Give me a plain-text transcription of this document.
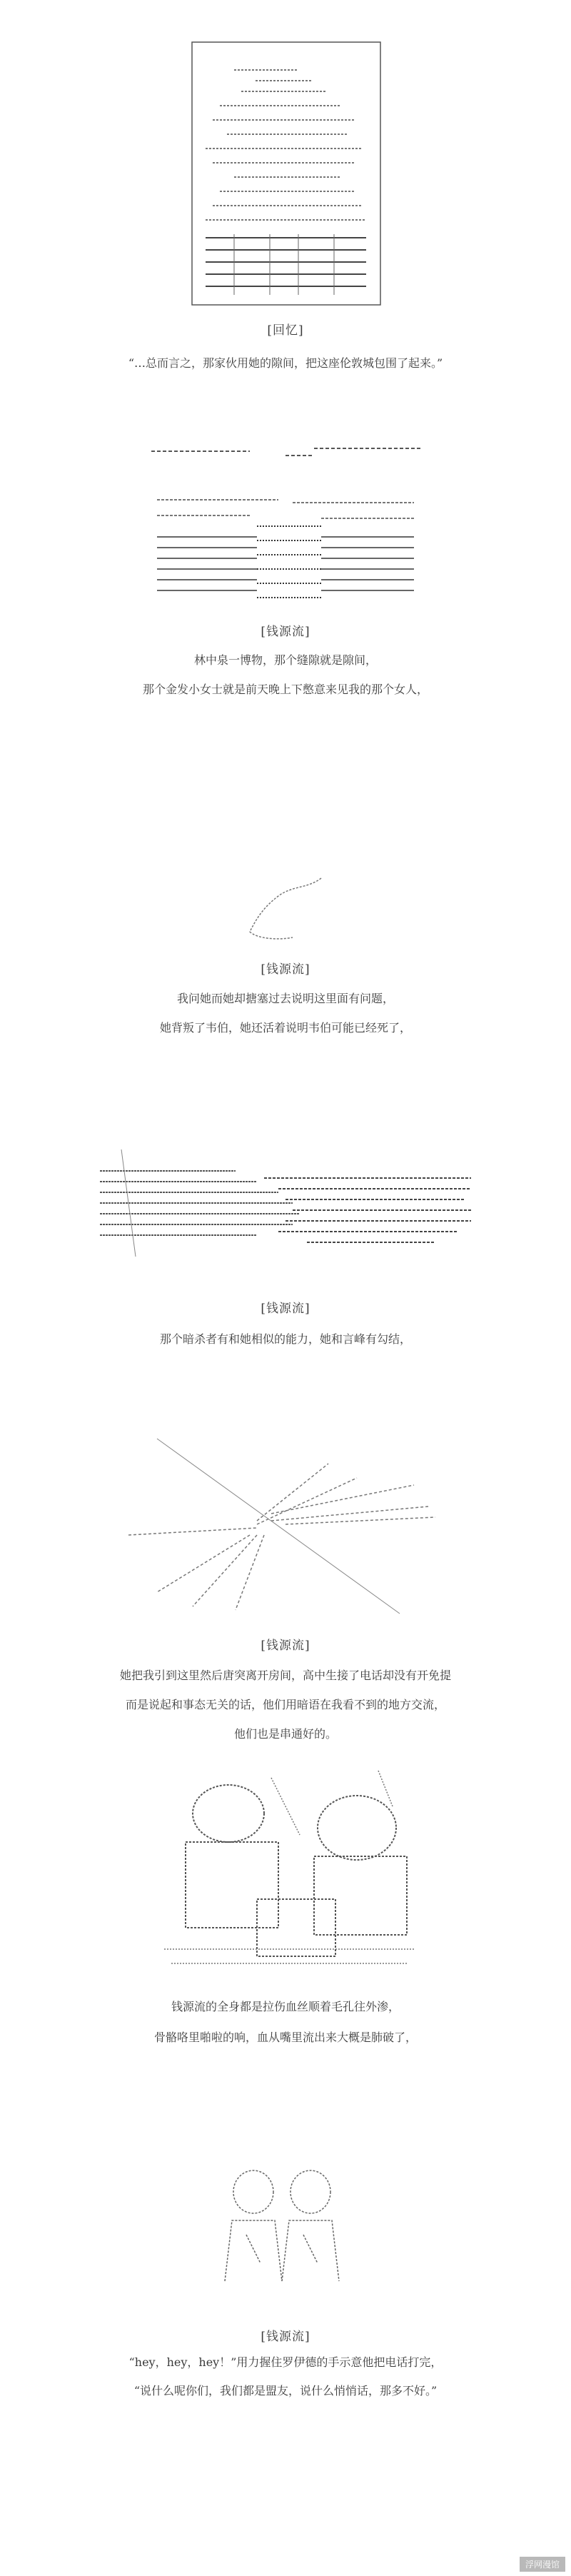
[回忆]
“…总而言之，那家伙用她的隙间，把这座伦敦城包围了起来。”
[钱源流]
林中泉一博物，那个缝隙就是隙间，
那个金发小女士就是前天晚上下憋意来见我的那个女人，
[钱源流]
我问她而她却搪塞过去说明这里面有问题，
她背叛了韦伯，她还活着说明韦伯可能已经死了，
[钱源流]
那个暗杀者有和她相似的能力，她和言峰有勾结，
[钱源流]
她把我引到这里然后唐突离开房间，高中生接了电话却没有开免提
而是说起和事态无关的话，他们用暗语在我看不到的地方交流，
他们也是串通好的。
钱源流的全身都是拉伤血丝顺着毛孔往外渗，
骨骼咯里啪啦的响，血从嘴里流出来大概是肺破了，
[钱源流]
“hey，hey，hey！”用力握住罗伊德的手示意他把电话打完，
“说什么呢你们，我们都是盟友，说什么悄悄话，那多不好。”
浮网漫馆
